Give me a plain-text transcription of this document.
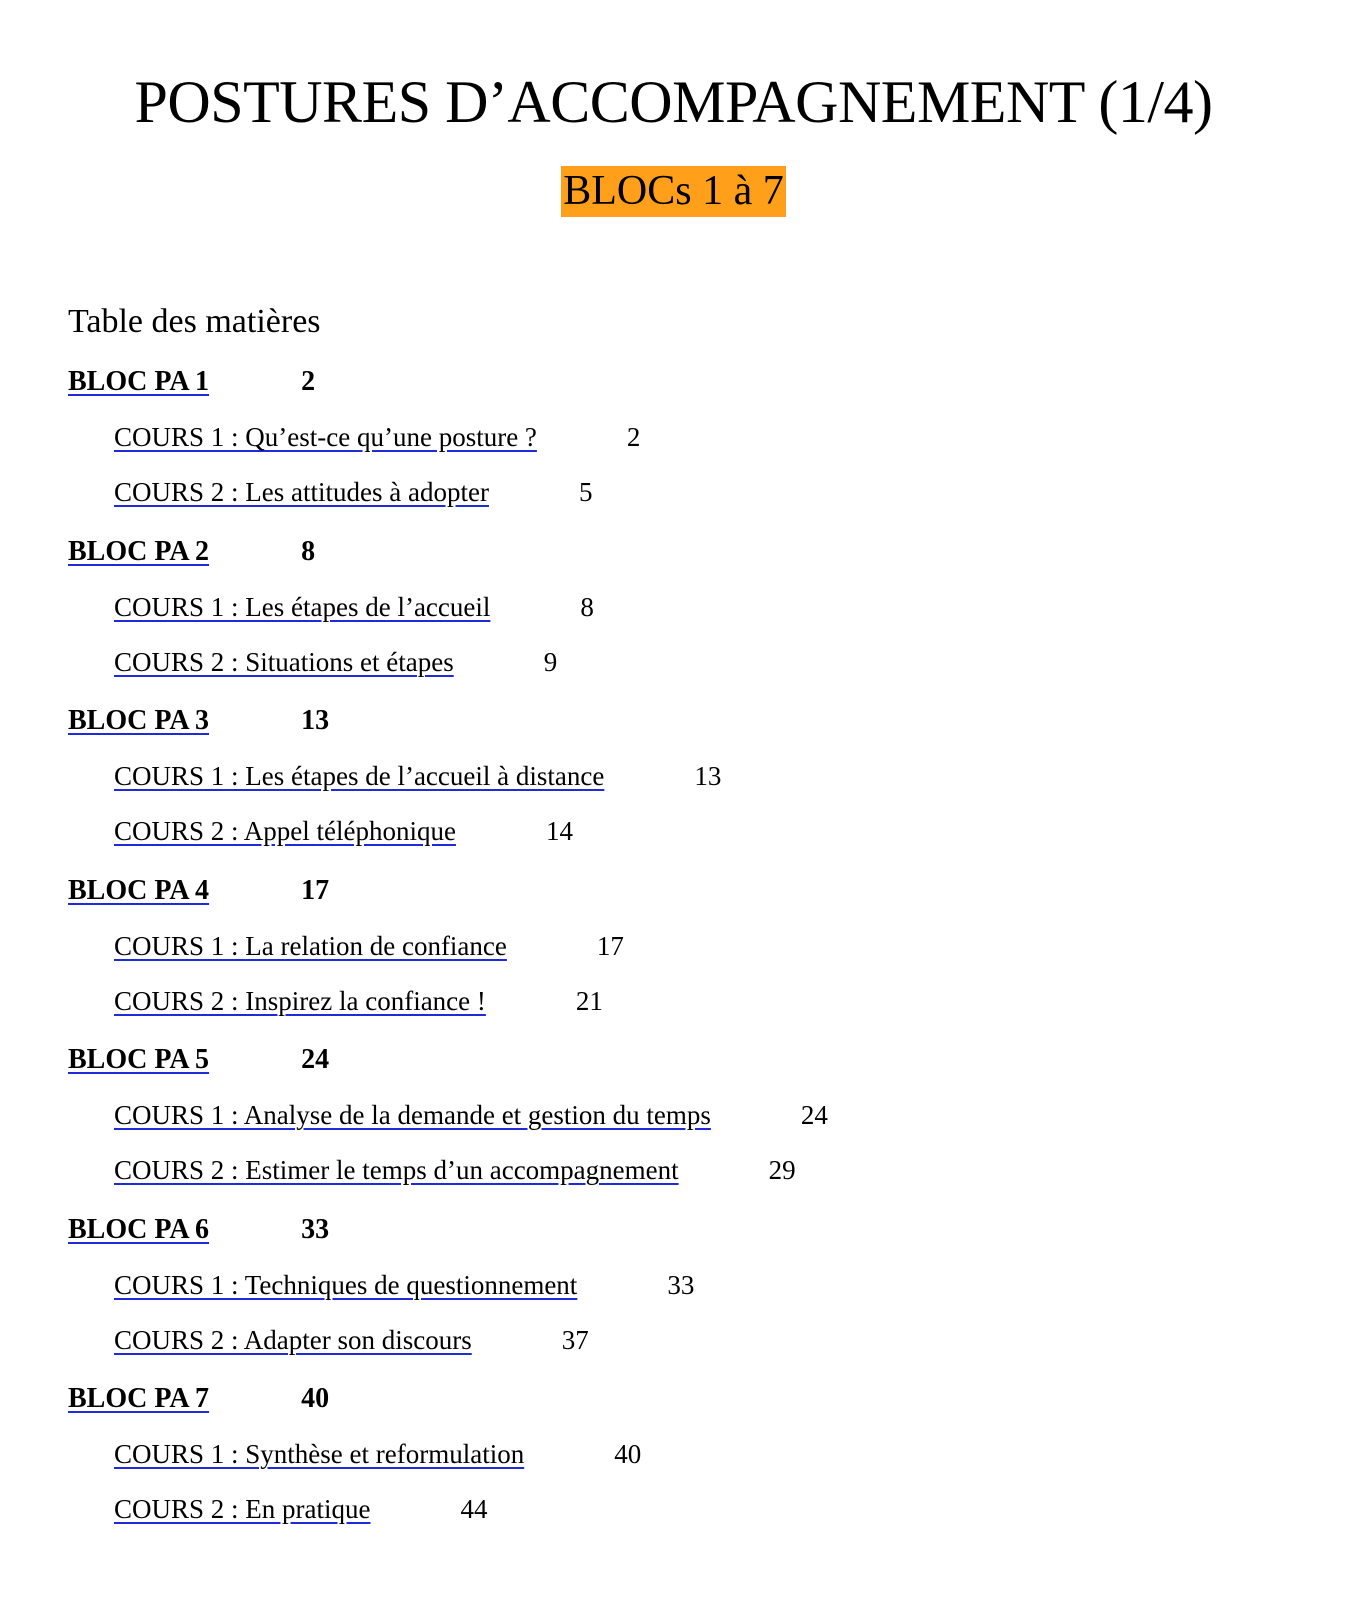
POSTURES D’ACCOMPAGNEMENT (1/4)
BLOCs 1 à 7
Table des matières
BLOC PA 1	2
COURS 1 : Qu’est-ce qu’une posture ?	2
COURS 2 : Les attitudes à adopter	5
BLOC PA 2	8
COURS 1 : Les étapes de l’accueil	8
COURS 2 : Situations et étapes	9
BLOC PA 3	13
COURS 1 : Les étapes de l’accueil à distance	13
COURS 2 : Appel téléphonique	14
BLOC PA 4	17
COURS 1 : La relation de confiance	17
COURS 2 : Inspirez la confiance !	21
BLOC PA 5	24
COURS 1 : Analyse de la demande et gestion du temps	24
COURS 2 : Estimer le temps d’un accompagnement	29
BLOC PA 6	33
COURS 1 : Techniques de questionnement	33
COURS 2 : Adapter son discours	37
BLOC PA 7	40
COURS 1 : Synthèse et reformulation	40
COURS 2 : En pratique	44
